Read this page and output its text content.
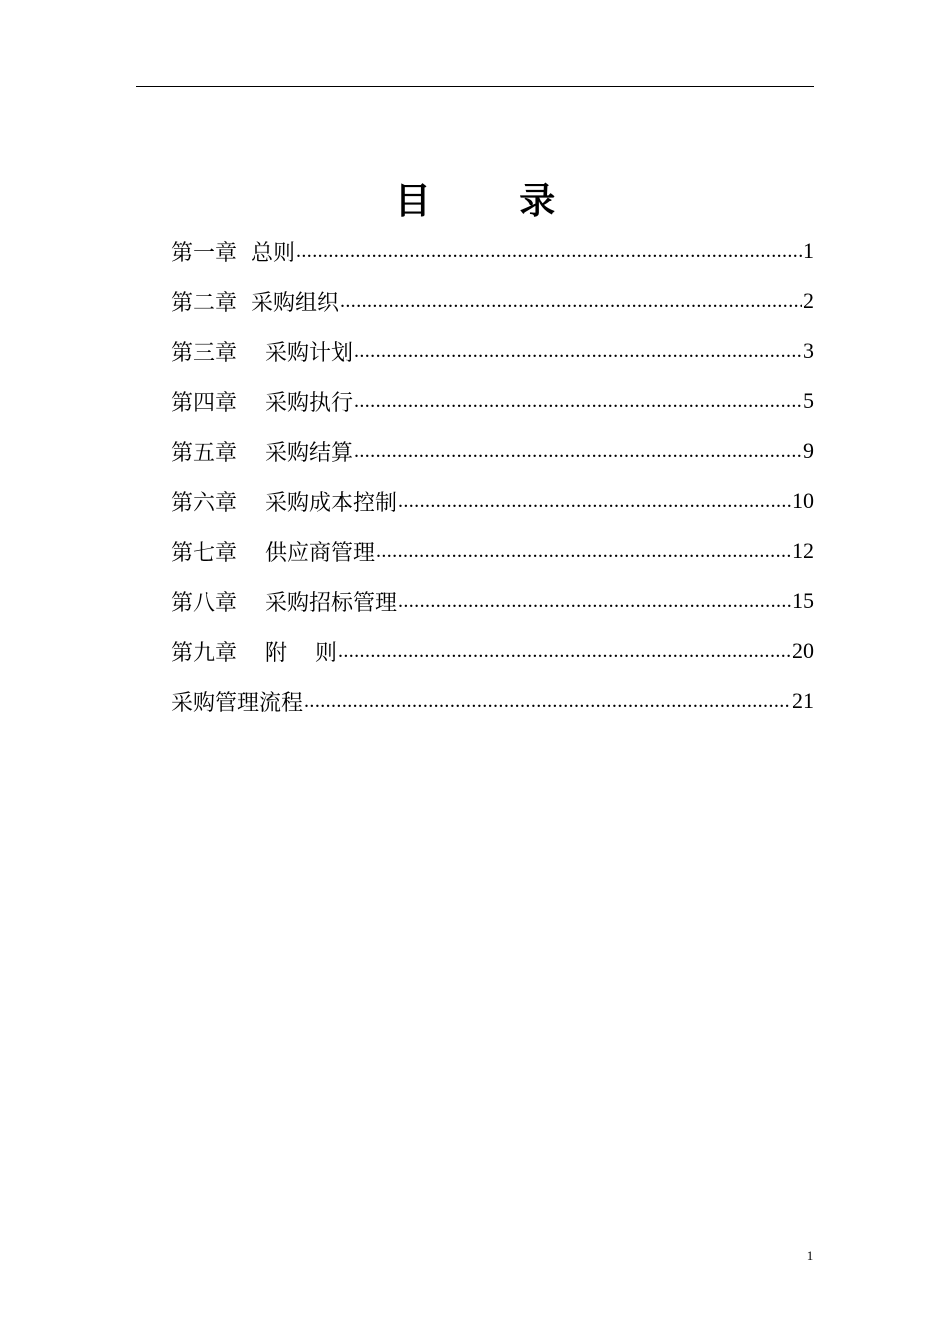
目 录
第一章  总则 .....	1
第二章  采购组织 .....	2
第三章    采购计划 .....	3
第四章    采购执行 .....	5
第五章    采购结算 .....	9
第六章    采购成本控制 .....	10
第七章    供应商管理 .....	12
第八章    采购招标管理 .....	15
第九章    附    则 .....	20
采购管理流程 .....	21
1
